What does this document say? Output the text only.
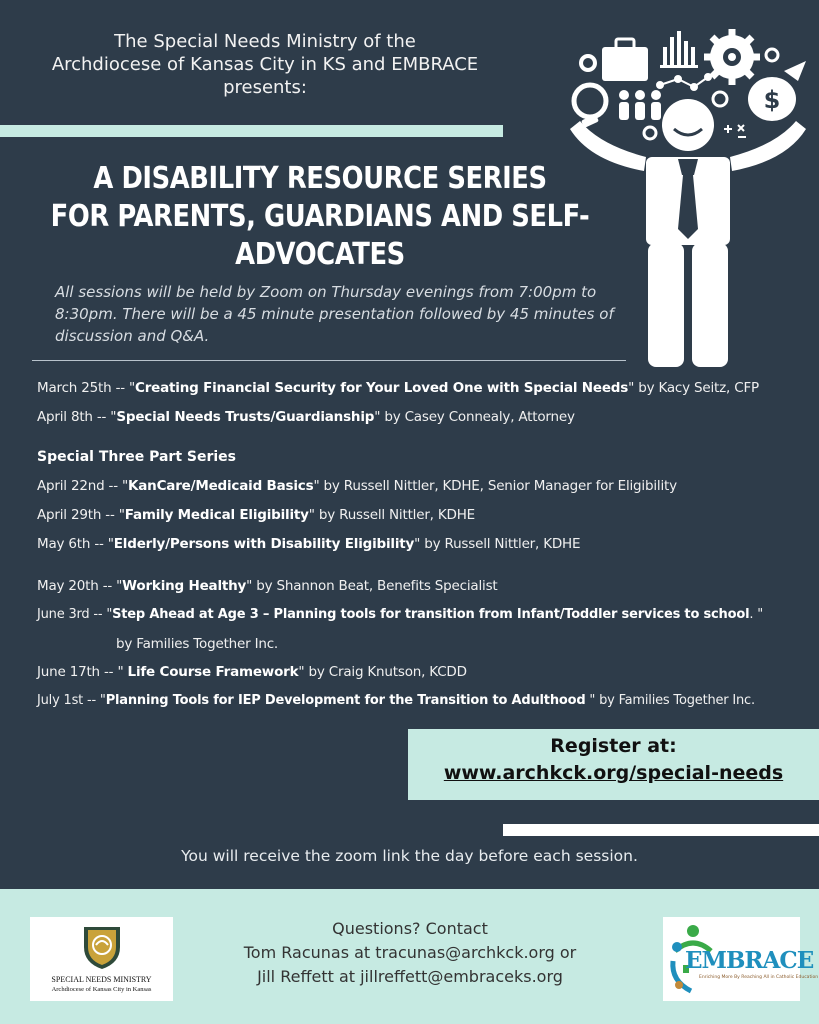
The Special Needs Ministry of the
Archdiocese of Kansas City in KS and EMBRACE
presents:	$
A DISABILITY RESOURCE SERIES
FOR PARENTS, GUARDIANS AND SELF-ADVOCATES
All sessions will be held by Zoom on Thursday evenings from 7:00pm to
8:30pm. There will be a 45 minute presentation followed by 45 minutes of
discussion and Q&A.
March 25th -- "Creating Financial Security for Your Loved One with Special Needs" by Kacy Seitz, CFP
April 8th -- "Special Needs Trusts/Guardianship" by Casey Connealy, Attorney
Special Three Part Series
April 22nd -- "KanCare/Medicaid Basics" by Russell Nittler, KDHE, Senior Manager for Eligibility
April 29th -- "Family Medical Eligibility" by Russell Nittler, KDHE
May 6th -- "Elderly/Persons with Disability Eligibility" by Russell Nittler, KDHE
May 20th -- "Working Healthy" by Shannon Beat, Benefits Specialist
June 3rd -- "Step Ahead at Age 3 – Planning tools for transition from Infant/Toddler services to school. "
by Families Together Inc.
June 17th -- " Life Course Framework" by Craig Knutson, KCDD
July 1st -- "Planning Tools for IEP Development for the Transition to Adulthood " by Families Together Inc.
Register at:
www.archkck.org/special-needs
You will receive the zoom link the day before each session.
SPECIAL NEEDS MINISTRY
Archdiocese of Kansas City in Kansas
Questions? Contact
Tom Racunas at tracunas@archkck.org or
Jill Reffett at jillreffett@embraceks.org
EMBRACE
Enriching More By Reaching All in Catholic Education
